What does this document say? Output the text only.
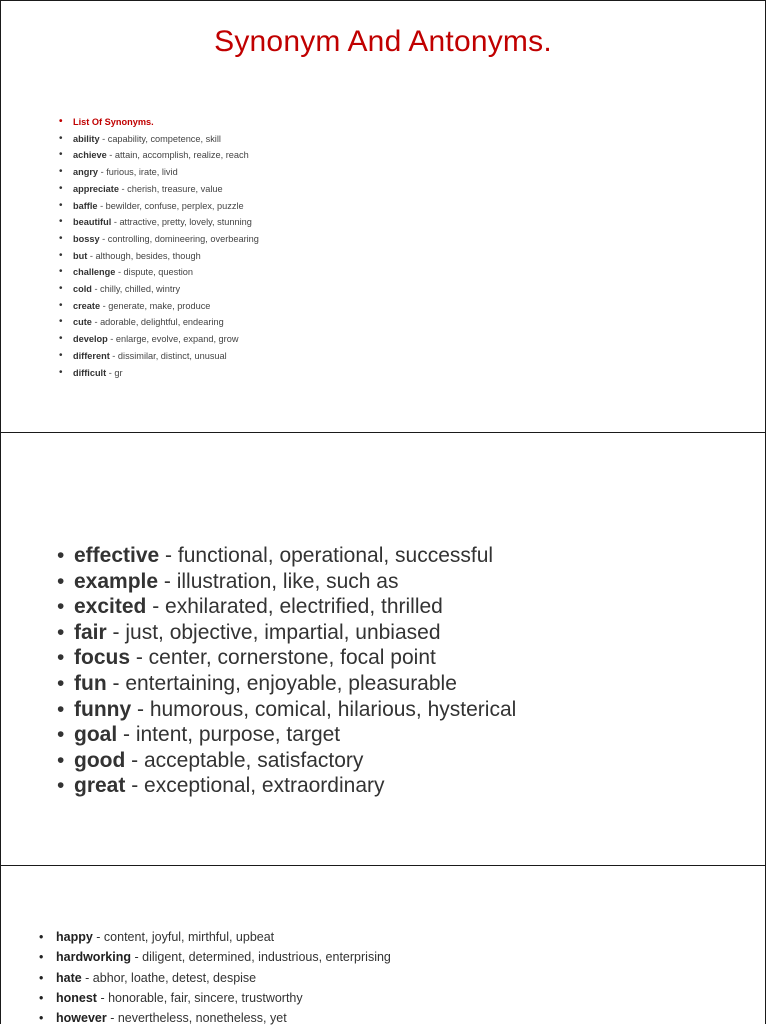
Synonym And Antonyms.
• List Of Synonyms.
• ability - capability, competence, skill
• achieve - attain, accomplish, realize, reach
• angry - furious, irate, livid
• appreciate - cherish, treasure, value
• baffle - bewilder, confuse, perplex, puzzle
• beautiful - attractive, pretty, lovely, stunning
• bossy - controlling, domineering, overbearing
• but - although, besides, though
• challenge - dispute, question
• cold - chilly, chilled, wintry
• create - generate, make, produce
• cute - adorable, delightful, endearing
• develop - enlarge, evolve, expand, grow
• different - dissimilar, distinct, unusual
• difficult - gr
• effective - functional, operational, successful
• example - illustration, like, such as
• excited - exhilarated, electrified, thrilled
• fair - just, objective, impartial, unbiased
• focus - center, cornerstone, focal point
• fun - entertaining, enjoyable, pleasurable
• funny - humorous, comical, hilarious, hysterical
• goal - intent, purpose, target
• good - acceptable, satisfactory
• great - exceptional, extraordinary
• happy - content, joyful, mirthful, upbeat
• hardworking - diligent, determined, industrious, enterprising
• hate - abhor, loathe, detest, despise
• honest - honorable, fair, sincere, trustworthy
• however - nevertheless, nonetheless, yet
